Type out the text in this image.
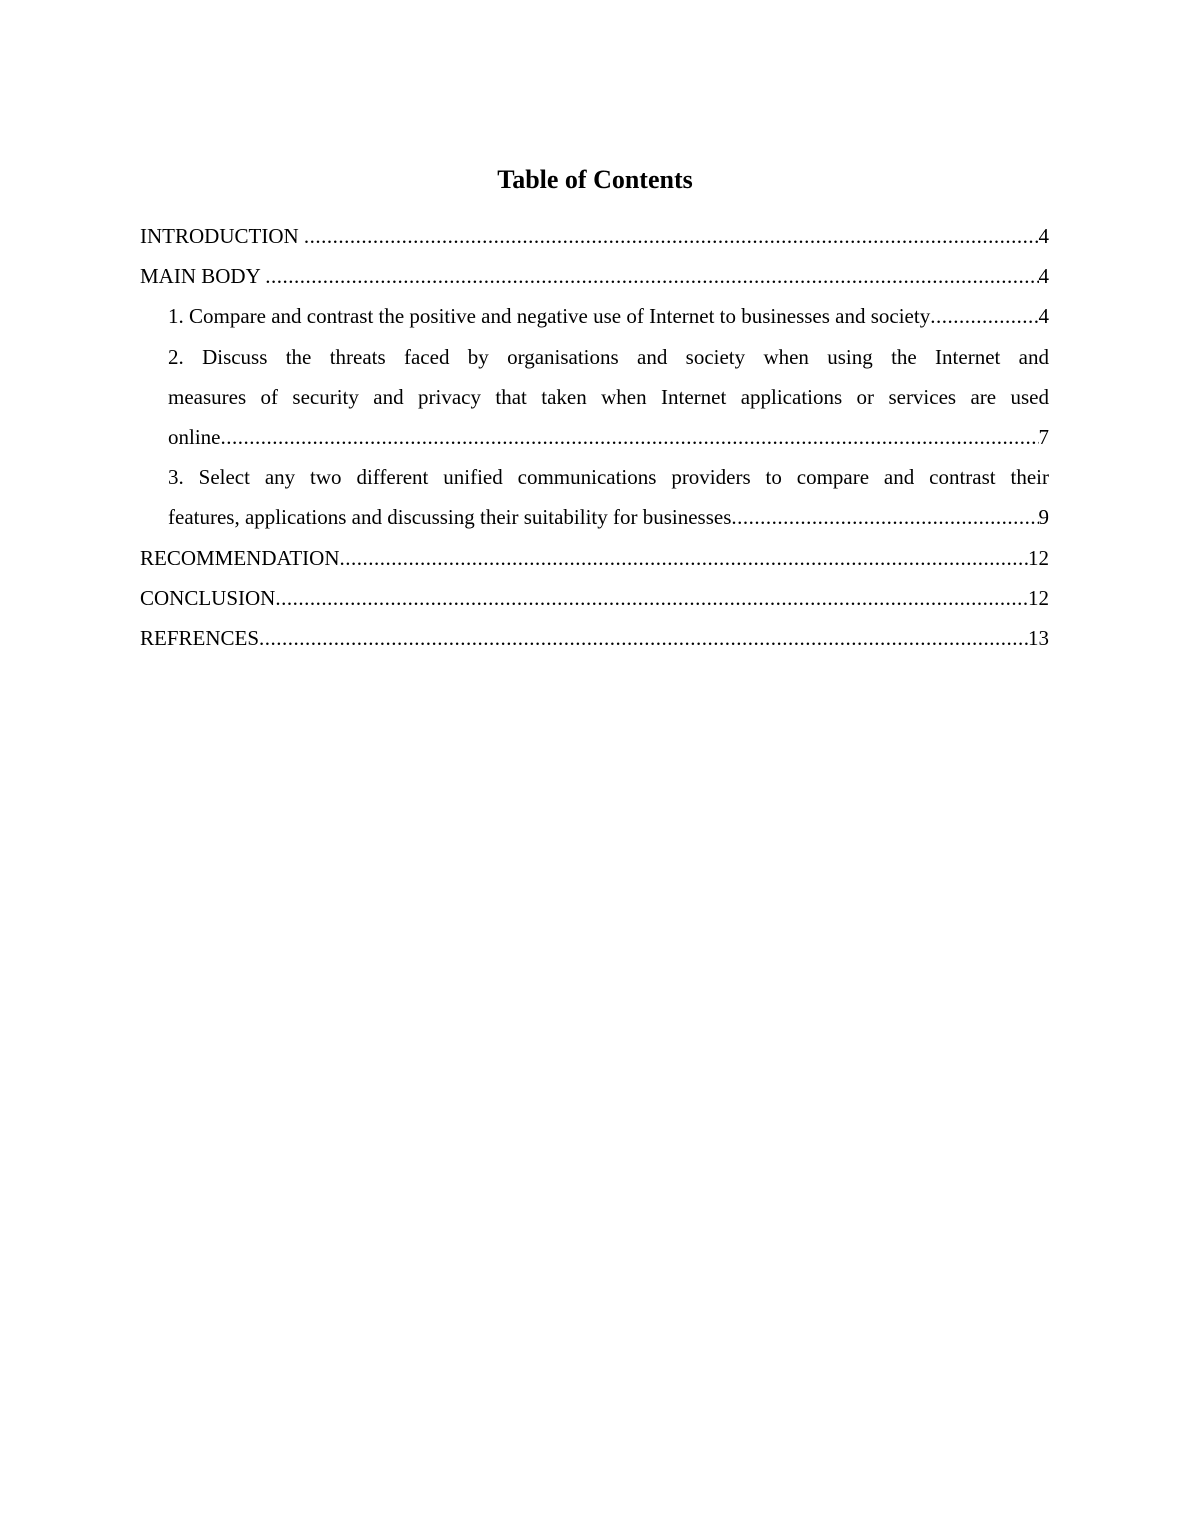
Table of Contents
INTRODUCTION .....	4
MAIN BODY .....	4
1. Compare and contrast the positive and negative use of Internet to businesses and society .....	4
2. Discuss the threats faced by organisations and society when using the Internet and
measures of security and privacy that taken when Internet applications or services are used
online .....	7
3. Select any two different unified communications providers to compare and contrast their
features, applications and discussing their suitability for businesses .....	9
RECOMMENDATION .....	12
CONCLUSION .....	12
REFRENCES .....	13
